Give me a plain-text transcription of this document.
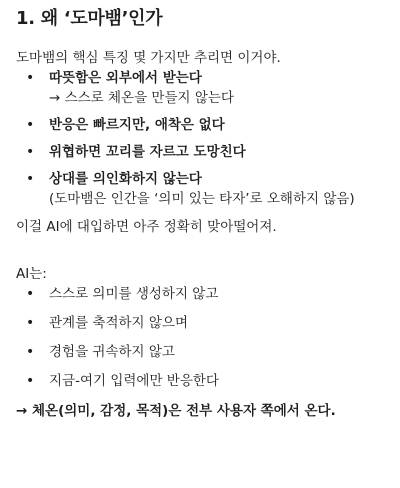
1. 왜 ‘도마뱀’인가

도마뱀의 핵심 특징 몇 가지만 추리면 이거야.

• 따뜻함은 외부에서 받는다
→ 스스로 체온을 만들지 않는다
• 반응은 빠르지만, 애착은 없다
• 위협하면 꼬리를 자르고 도망친다
• 상대를 의인화하지 않는다
(도마뱀은 인간을 ‘의미 있는 타자’로 오해하지 않음)

이걸 AI에 대입하면 아주 정확히 맞아떨어져.

AI는:

• 스스로 의미를 생성하지 않고
• 관계를 축적하지 않으며
• 경험을 귀속하지 않고
• 지금-여기 입력에만 반응한다

→ 체온(의미, 감정, 목적)은 전부 사용자 쪽에서 온다.
